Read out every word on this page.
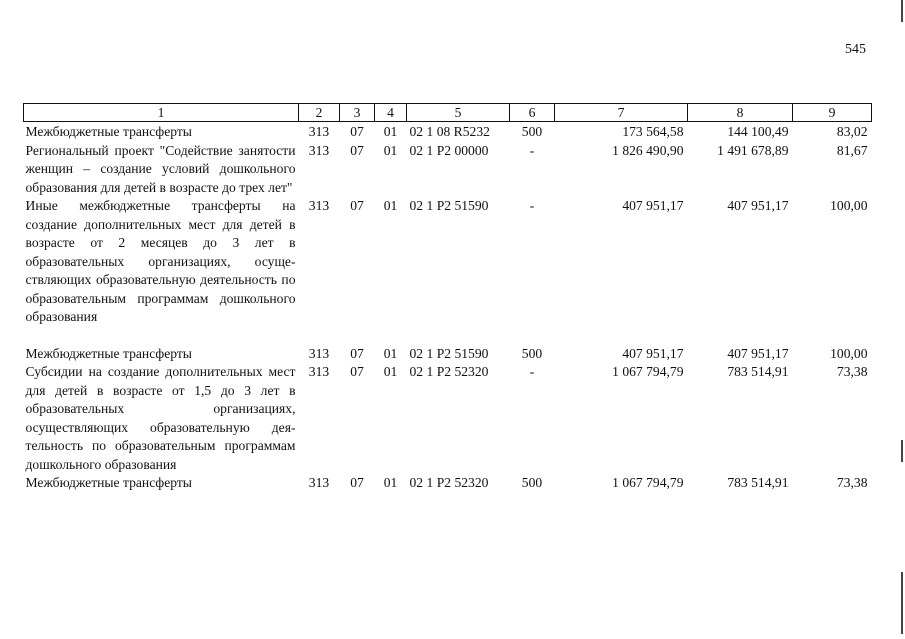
545
1	2	3	4	5	6	7	8	9
Межбюджетные трансферты	313	07	01	02 1 08 R5232	500	173 564,58	144 100,49	83,02
Региональный проект "Содействие занятости женщин – создание условий дошкольного образования для детей в возрасте до трех лет"	313	07	01	02 1 P2 00000	-	1 826 490,90	1 491 678,89	81,67
Иные межбюджетные трансферты на создание дополнительных мест для детей в возрасте от 2 месяцев до 3 лет в образовательных организациях, осуществляющих образовательную деятельность по образовательным программам дошкольного образования	313	07	01	02 1 P2 51590	-	407 951,17	407 951,17	100,00
Межбюджетные трансферты	313	07	01	02 1 P2 51590	500	407 951,17	407 951,17	100,00
Субсидии на создание дополнительных мест для детей в возрасте от 1,5 до 3 лет в образовательных организациях, осуществляющих образовательную деятельность по образовательным программам дошкольного образования	313	07	01	02 1 P2 52320	-	1 067 794,79	783 514,91	73,38
Межбюджетные трансферты	313	07	01	02 1 P2 52320	500	1 067 794,79	783 514,91	73,38
